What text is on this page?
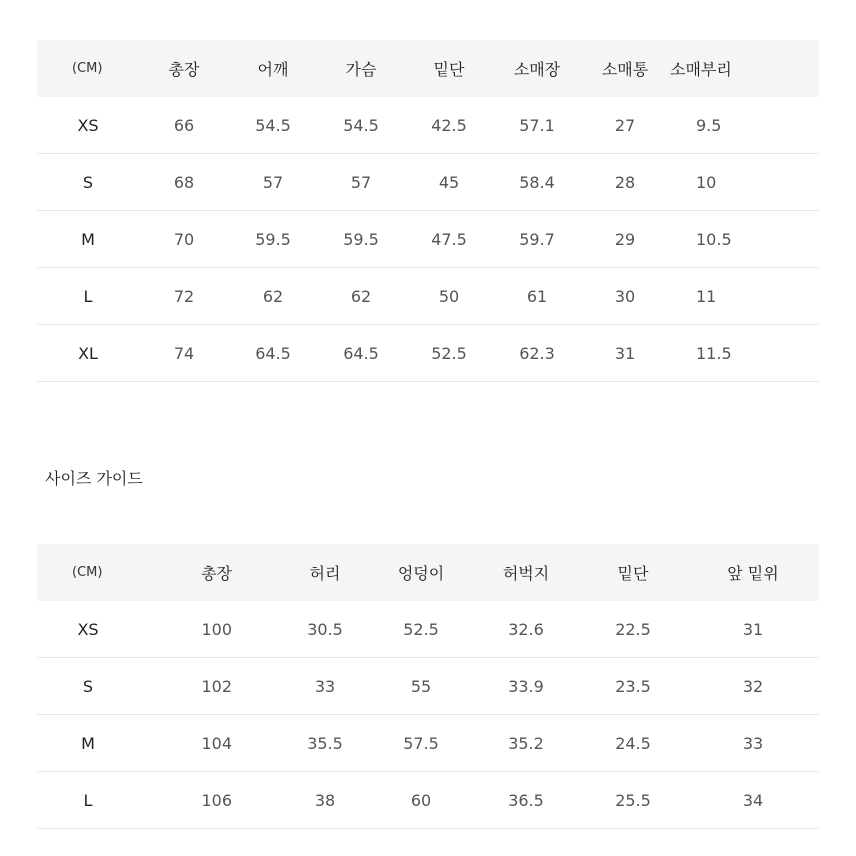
(CM)	총장	어깨	가슴	밑단	소매장	소매통	소매부리
XS	66	54.5	54.5	42.5	57.1	27	9.5
S	68	57	57	45	58.4	28	10
M	70	59.5	59.5	47.5	59.7	29	10.5
L	72	62	62	50	61	30	11
XL	74	64.5	64.5	52.5	62.3	31	11.5
사이즈 가이드
(CM)	총장	허리	엉덩이	허벅지	밑단	앞 밑위
XS	100	30.5	52.5	32.6	22.5	31
S	102	33	55	33.9	23.5	32
M	104	35.5	57.5	35.2	24.5	33
L	106	38	60	36.5	25.5	34
